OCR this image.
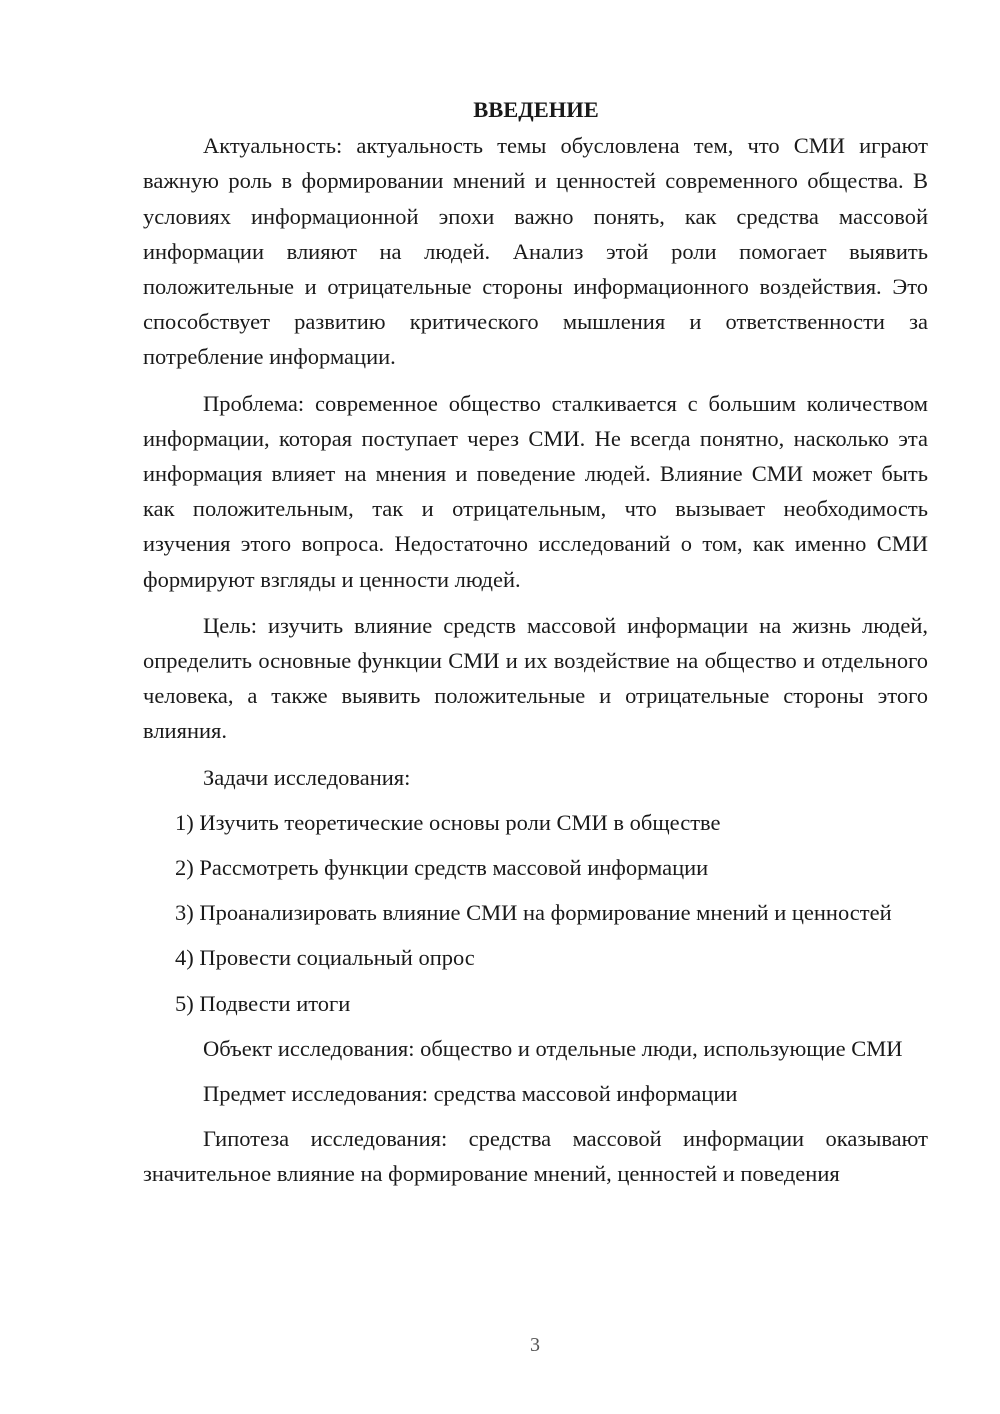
ВВЕДЕНИЕ

Актуальность: актуальность темы обусловлена тем, что СМИ играют важную роль в формировании мнений и ценностей современного общества. В условиях информационной эпохи важно понять, как средства массовой информации влияют на людей. Анализ этой роли помогает выявить положительные и отрицательные стороны информационного воздействия. Это способствует развитию критического мышления и ответственности за потребление информации.

Проблема: современное общество сталкивается с большим количеством информации, которая поступает через СМИ. Не всегда понятно, насколько эта информация влияет на мнения и поведение людей. Влияние СМИ может быть как положительным, так и отрицательным, что вызывает необходимость изучения этого вопроса. Недостаточно исследований о том, как именно СМИ формируют взгляды и ценности людей.

Цель: изучить влияние средств массовой информации на жизнь людей, определить основные функции СМИ и их воздействие на общество и отдельного человека, а также выявить положительные и отрицательные стороны этого влияния.

Задачи исследования:

1) Изучить теоретические основы роли СМИ в обществе

2) Рассмотреть функции средств массовой информации

3) Проанализировать влияние СМИ на формирование мнений и ценностей

4) Провести социальный опрос

5) Подвести итоги

Объект исследования: общество и отдельные люди, использующие СМИ

Предмет исследования: средства массовой информации

Гипотеза исследования: средства массовой информации оказывают значительное влияние на формирование мнений, ценностей и поведения

3
